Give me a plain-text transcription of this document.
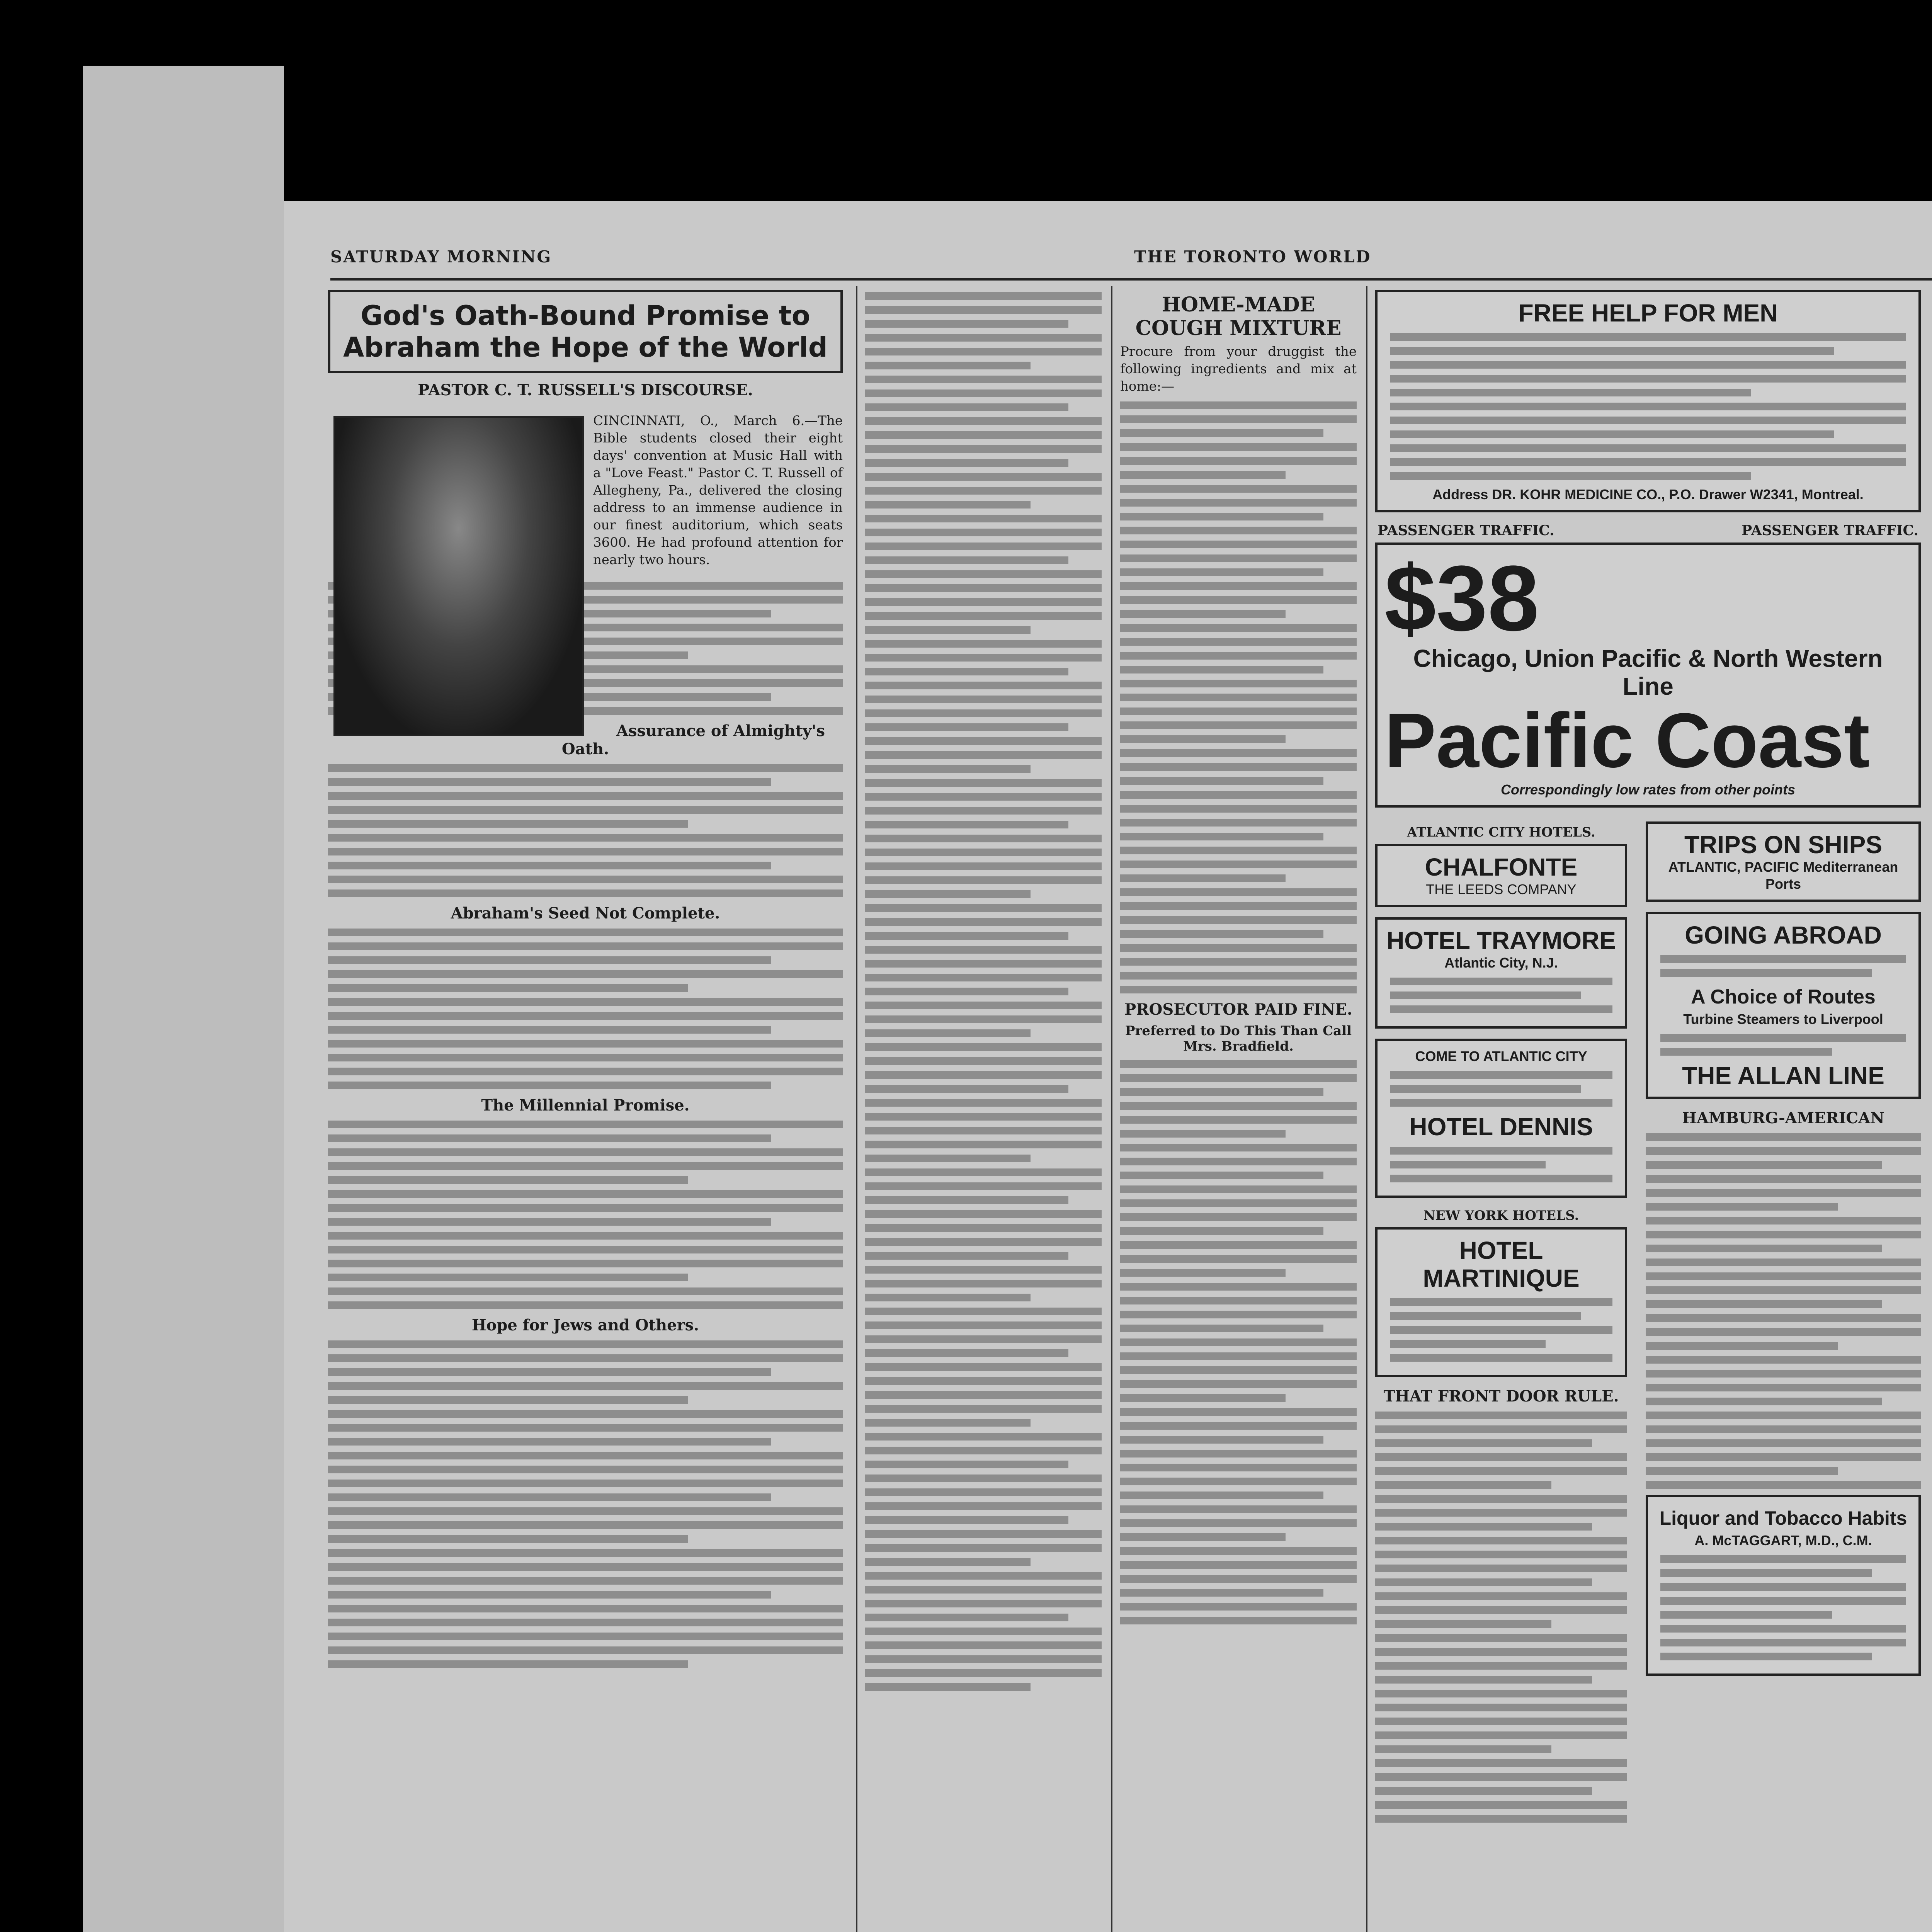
SATURDAY MORNING	THE TORONTO WORLD
God's Oath-Bound Promise to Abraham the Hope of the World
PASTOR C. T. RUSSELL'S DISCOURSE.

CINCINNATI, O., March 6.—The Bible students closed their eight days' convention at Music Hall with a "Love Feast." Pastor C. T. Russell of Allegheny, Pa., delivered the closing address to an immense audience in our finest auditorium, which seats 3600. He had profound attention for nearly two hours.

Assurance of Almighty's Oath.
Abraham's Seed Not Complete.
The Millennial Promise.
Hope for Jews and Others.
HOME-MADE COUGH MIXTURE
Procure from your druggist the following ingredients and mix at home:—
PROSECUTOR PAID FINE.
Preferred to Do This Than Call Mrs. Bradfield.
FREE HELP FOR MEN
Address DR. KOHR MEDICINE CO., P.O. Drawer W2341, Montreal.
PASSENGER TRAFFIC.	PASSENGER TRAFFIC.
$38
Chicago, Union Pacific & North Western Line
Pacific Coast
Correspondingly low rates from other points
ATLANTIC CITY HOTELS.
CHALFONTE
THE LEEDS COMPANY
HOTEL TRAYMORE
Atlantic City, N.J.
COME TO ATLANTIC CITY
HOTEL DENNIS
NEW YORK HOTELS.
HOTEL MARTINIQUE
THAT FRONT DOOR RULE.
TRIPS ON SHIPS
ATLANTIC, PACIFIC Mediterranean Ports
GOING ABROAD
A Choice of Routes
Turbine Steamers to Liverpool
THE ALLAN LINE
HAMBURG-AMERICAN
Liquor and Tobacco Habits
A. McTAGGART, M.D., C.M.
